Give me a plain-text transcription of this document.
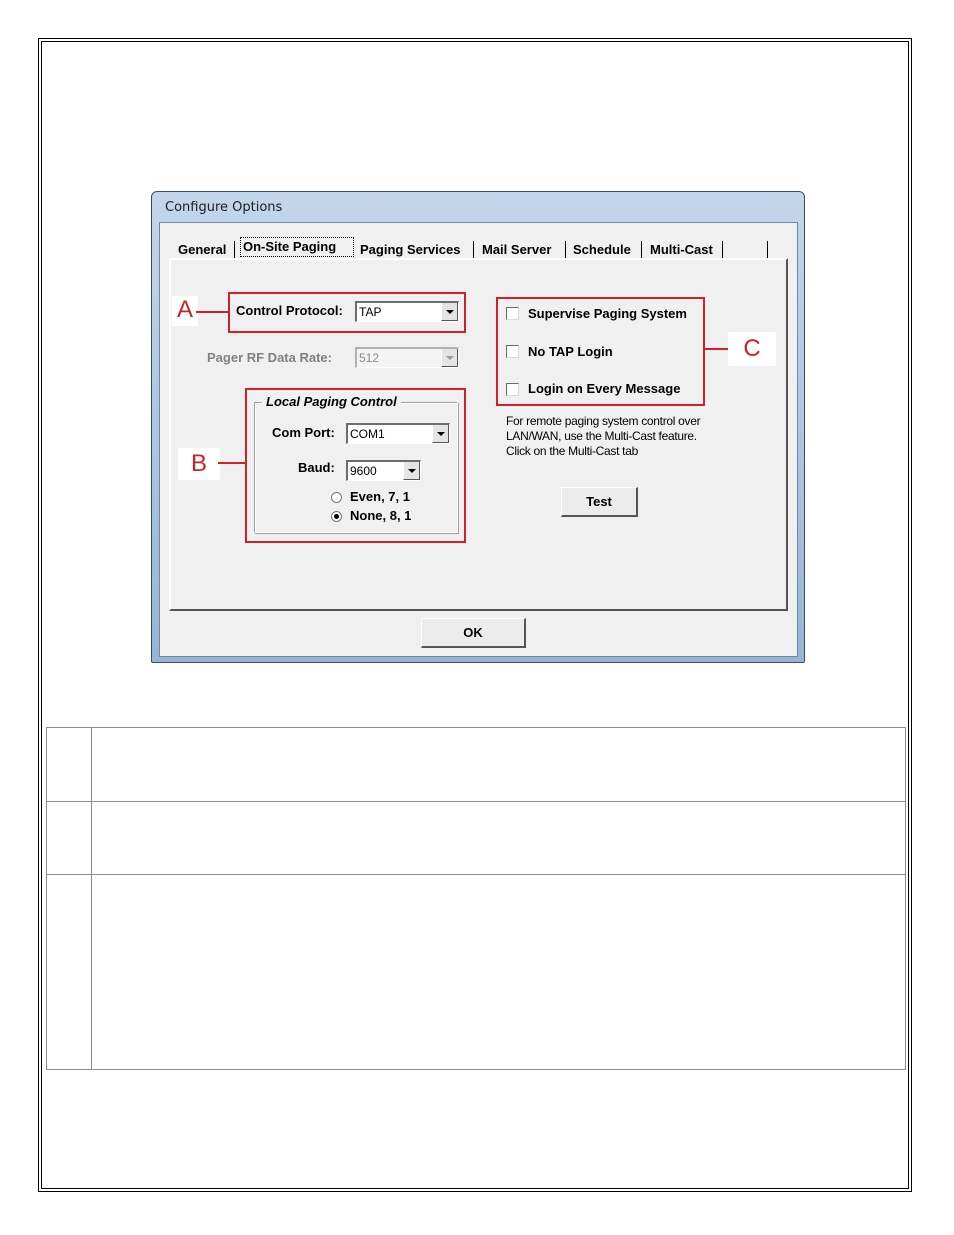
Configure Options
General	On-Site Paging	Paging Services	Mail Server	Schedule	Multi-Cast
A	Control Protocol: TAP
Pager RF Data Rate: 512
B
Local Paging Control
Com Port: COM1
Baud: 9600
Even, 7, 1
None, 8, 1
C
Supervise Paging System
No TAP Login
Login on Every Message
For remote paging system control over LAN/WAN, use the Multi-Cast feature. Click on the Multi-Cast tab
Test
OK
